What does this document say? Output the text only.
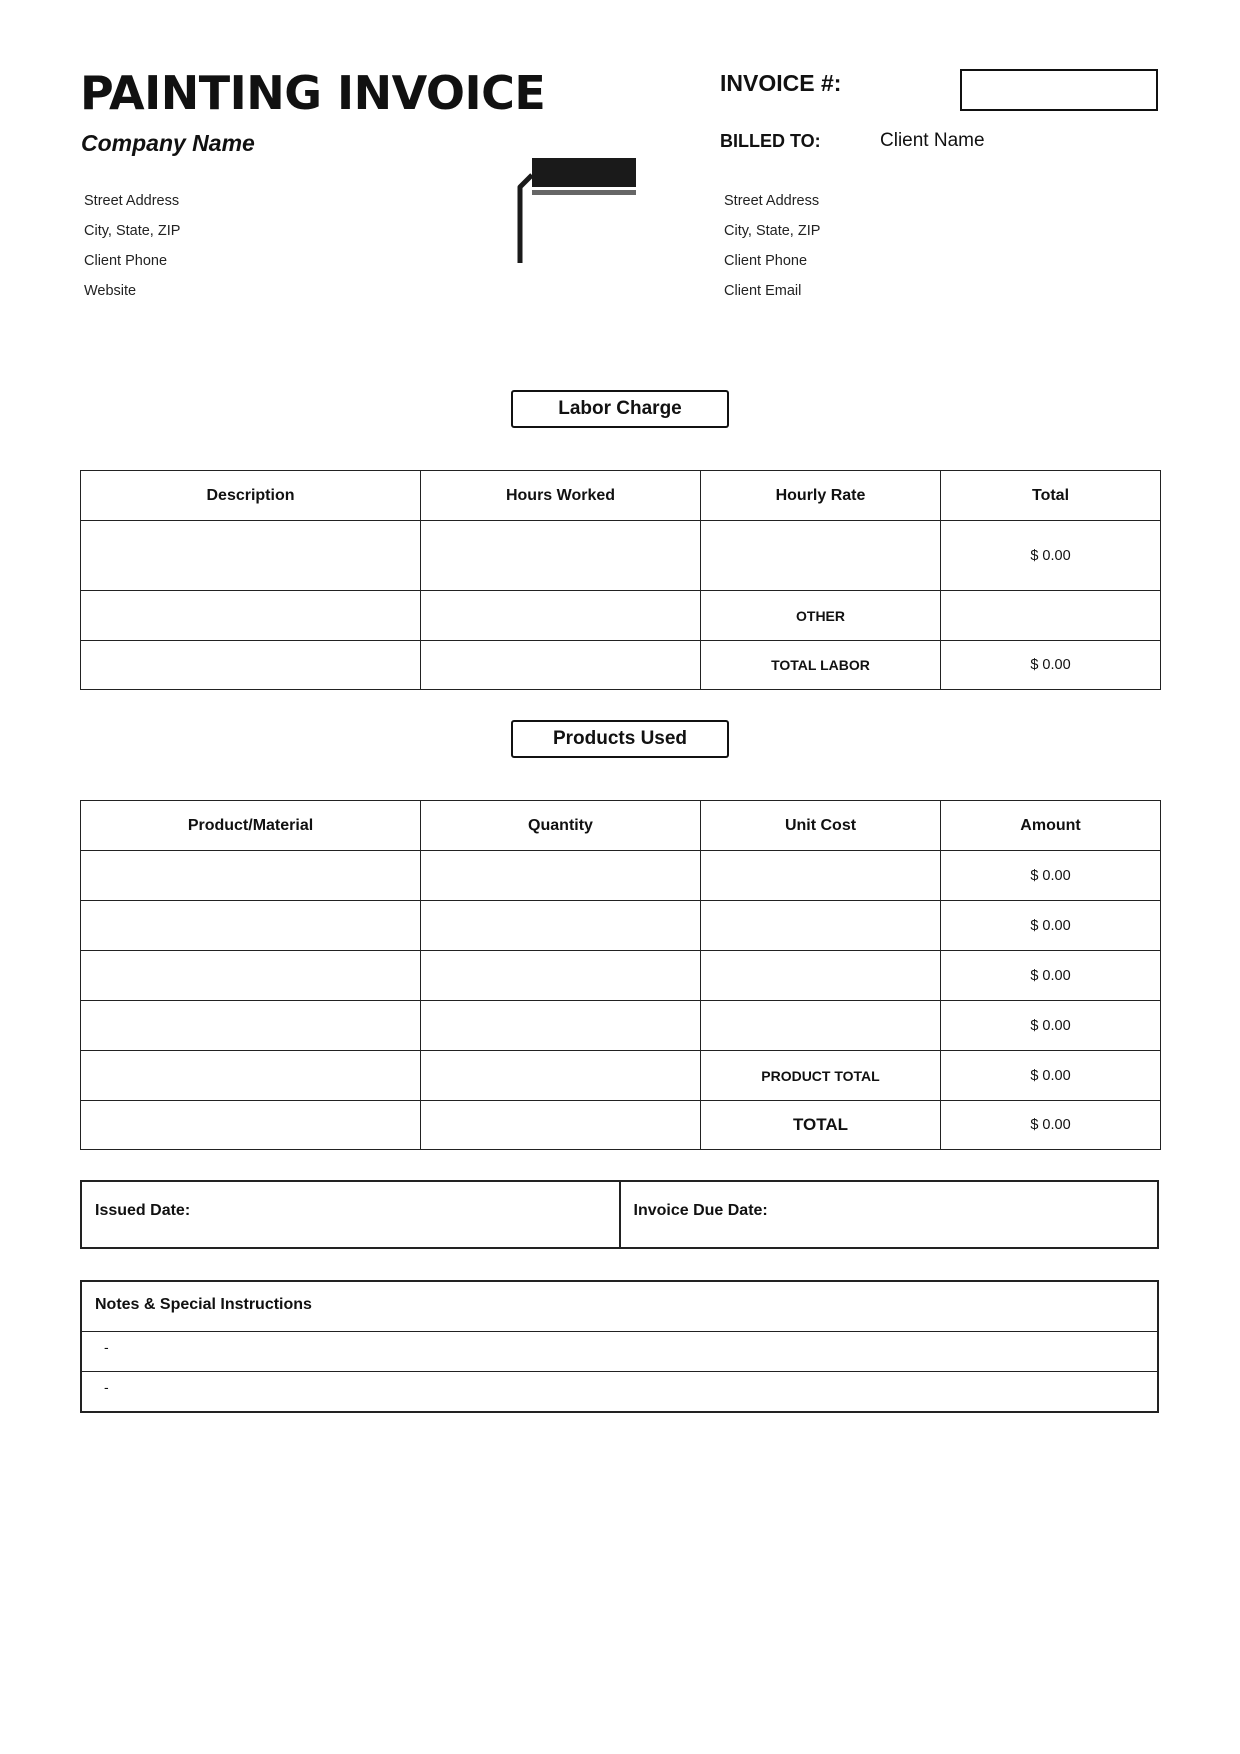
PAINTING INVOICE
Company Name
Street Address
City, State, ZIP
Client Phone
Website
INVOICE #:
BILLED TO:	Client Name
Street Address
City, State, ZIP
Client Phone
Client Email
Labor Charge
Description	Hours Worked	Hourly Rate	Total
			$ 0.00
		OTHER	
		TOTAL LABOR	$ 0.00
Products Used
Product/Material	Quantity	Unit Cost	Amount
			$ 0.00
			$ 0.00
			$ 0.00
			$ 0.00
		PRODUCT TOTAL	$ 0.00
		TOTAL	$ 0.00
Issued Date:	Invoice Due Date:
Notes & Special Instructions
-
-
